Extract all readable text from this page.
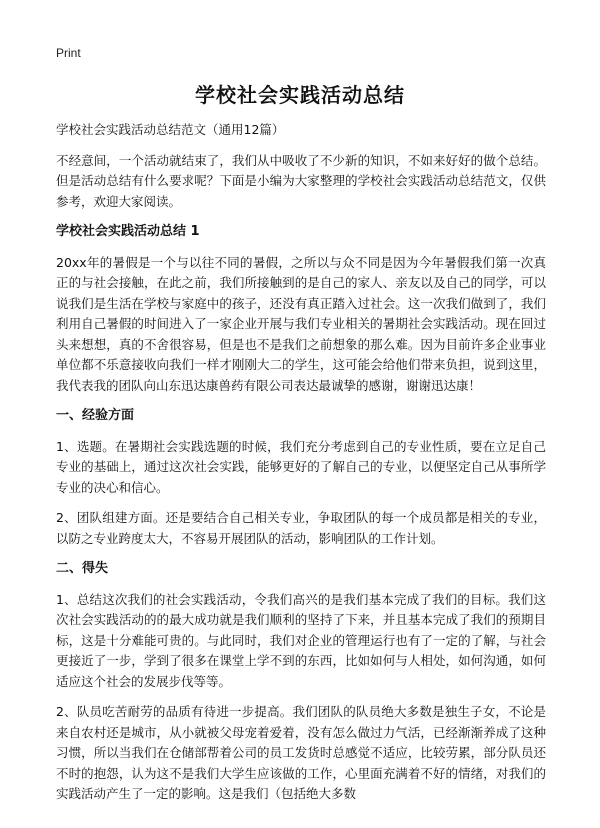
Print
学校社会实践活动总结

学校社会实践活动总结范文（通用12篇）

不经意间，一个活动就结束了，我们从中吸收了不少新的知识，不如来好好的做个总结。但是活动总结有什么要求呢？下面是小编为大家整理的学校社会实践活动总结范文，仅供参考，欢迎大家阅读。

学校社会实践活动总结 1

20xx年的暑假是一个与以往不同的暑假，之所以与众不同是因为今年暑假我们第一次真正的与社会接触，在此之前，我们所接触到的是自己的家人、亲友以及自己的同学，可以说我们是生活在学校与家庭中的孩子，还没有真正踏入过社会。这一次我们做到了，我们利用自己暑假的时间进入了一家企业开展与我们专业相关的暑期社会实践活动。现在回过头来想想，真的不舍很容易，但是也不是我们之前想象的那么难。因为目前许多企业事业单位都不乐意接收向我们一样才刚刚大二的学生，这可能会给他们带来负担，说到这里，我代表我的团队向山东迅达康兽药有限公司表达最诚挚的感谢，谢谢迅达康！

一、经验方面

1、选题。在暑期社会实践选题的时候，我们充分考虑到自己的专业性质，要在立足自己专业的基础上，通过这次社会实践，能够更好的了解自己的专业，以便坚定自己从事所学专业的决心和信心。

2、团队组建方面。还是要结合自己相关专业，争取团队的每一个成员都是相关的专业，以防之专业跨度太大，不容易开展团队的活动，影响团队的工作计划。

二、得失

1、总结这次我们的社会实践活动，令我们高兴的是我们基本完成了我们的目标。我们这次社会实践活动的的最大成功就是我们顺利的坚持了下来，并且基本完成了我们的预期目标，这是十分难能可贵的。与此同时，我们对企业的管理运行也有了一定的了解，与社会更接近了一步，学到了很多在课堂上学不到的东西，比如如何与人相处，如何沟通，如何适应这个社会的发展步伐等等。

2、队员吃苦耐劳的品质有待进一步提高。我们团队的队员绝大多数是独生子女，不论是来自农村还是城市，从小就被父母宠着爱着，没有怎么做过力气活，已经渐渐养成了这种习惯，所以当我们在仓储部帮着公司的员工发货时总感觉不适应，比较劳累，部分队员还不时的抱怨，认为这不是我们大学生应该做的工作，心里面充满着不好的情绪，对我们的实践活动产生了一定的影响。这是我们（包括绝大多数
